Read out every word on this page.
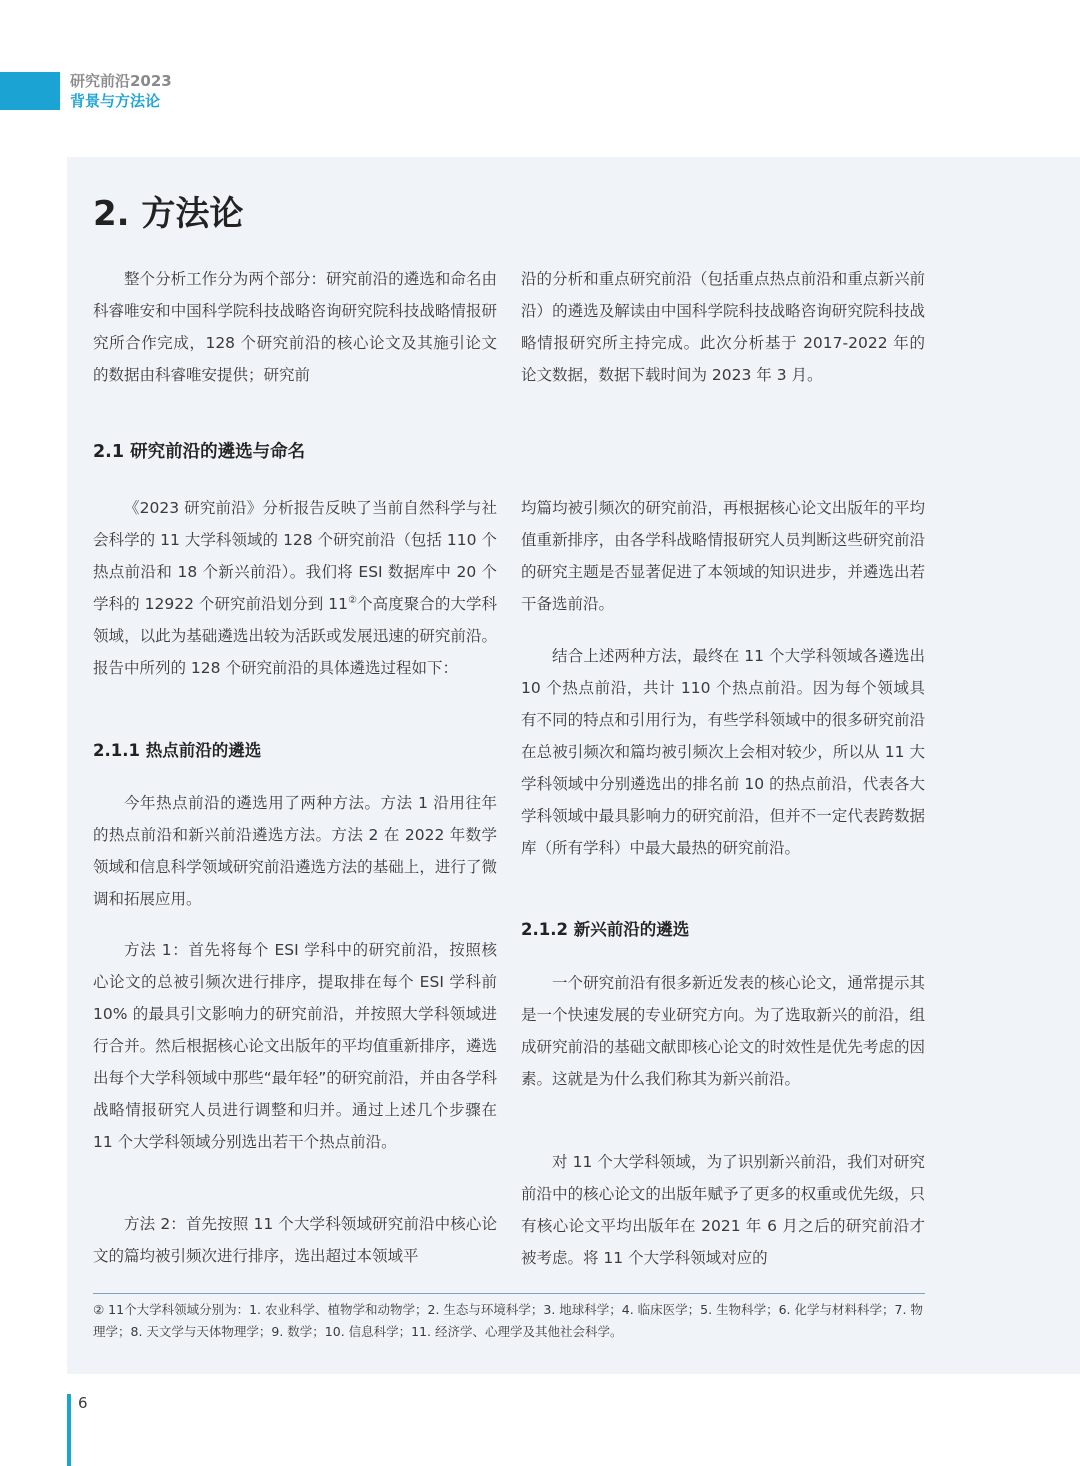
研究前沿2023
背景与方法论
2. 方法论

整个分析工作分为两个部分：研究前沿的遴选和命名由科睿唯安和中国科学院科技战略咨询研究院科技战略情报研究所合作完成，128 个研究前沿的核心论文及其施引论文的数据由科睿唯安提供；研究前

沿的分析和重点研究前沿（包括重点热点前沿和重点新兴前沿）的遴选及解读由中国科学院科技战略咨询研究院科技战略情报研究所主持完成。此次分析基于 2017-2022 年的论文数据，数据下载时间为 2023 年 3 月。

2.1 研究前沿的遴选与命名

《2023 研究前沿》分析报告反映了当前自然科学与社会科学的 11 大学科领域的 128 个研究前沿（包括 110 个热点前沿和 18 个新兴前沿）。我们将 ESI 数据库中 20 个学科的 12922 个研究前沿划分到 11②个高度聚合的大学科领域，以此为基础遴选出较为活跃或发展迅速的研究前沿。报告中所列的 128 个研究前沿的具体遴选过程如下：

2.1.1 热点前沿的遴选

今年热点前沿的遴选用了两种方法。方法 1 沿用往年的热点前沿和新兴前沿遴选方法。方法 2 在 2022 年数学领域和信息科学领域研究前沿遴选方法的基础上，进行了微调和拓展应用。

方法 1：首先将每个 ESI 学科中的研究前沿，按照核心论文的总被引频次进行排序，提取排在每个 ESI 学科前 10% 的最具引文影响力的研究前沿，并按照大学科领域进行合并。然后根据核心论文出版年的平均值重新排序，遴选出每个大学科领域中那些“最年轻”的研究前沿，并由各学科战略情报研究人员进行调整和归并。通过上述几个步骤在 11 个大学科领域分别选出若干个热点前沿。

方法 2：首先按照 11 个大学科领域研究前沿中核心论文的篇均被引频次进行排序，选出超过本领域平

均篇均被引频次的研究前沿，再根据核心论文出版年的平均值重新排序，由各学科战略情报研究人员判断这些研究前沿的研究主题是否显著促进了本领域的知识进步，并遴选出若干备选前沿。

结合上述两种方法，最终在 11 个大学科领域各遴选出 10 个热点前沿，共计 110 个热点前沿。因为每个领域具有不同的特点和引用行为，有些学科领域中的很多研究前沿在总被引频次和篇均被引频次上会相对较少，所以从 11 大学科领域中分别遴选出的排名前 10 的热点前沿，代表各大学科领域中最具影响力的研究前沿，但并不一定代表跨数据库（所有学科）中最大最热的研究前沿。

2.1.2 新兴前沿的遴选

一个研究前沿有很多新近发表的核心论文，通常提示其是一个快速发展的专业研究方向。为了选取新兴的前沿，组成研究前沿的基础文献即核心论文的时效性是优先考虑的因素。这就是为什么我们称其为新兴前沿。

对 11 个大学科领域，为了识别新兴前沿，我们对研究前沿中的核心论文的出版年赋予了更多的权重或优先级，只有核心论文平均出版年在 2021 年 6 月之后的研究前沿才被考虑。将 11 个大学科领域对应的

② 11个大学科领域分别为：1. 农业科学、植物学和动物学；2. 生态与环境科学；3. 地球科学；4. 临床医学；5. 生物科学；6. 化学与材料科学；7. 物理学；8. 天文学与天体物理学；9. 数学；10. 信息科学；11. 经济学、心理学及其他社会科学。

6
